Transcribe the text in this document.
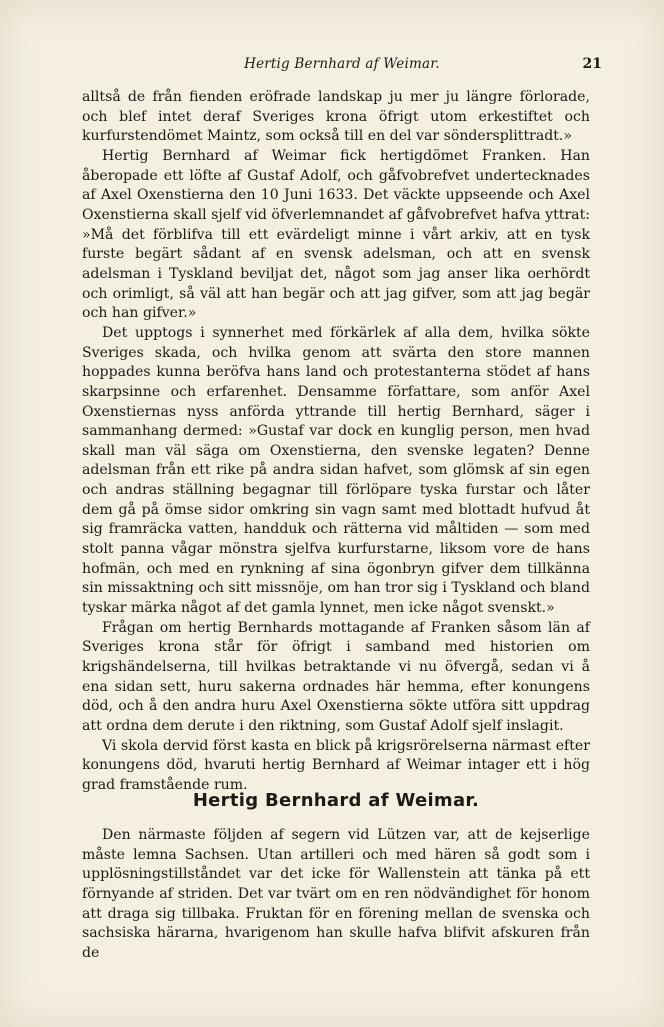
Hertig Bernhard af Weimar.	21

alltså de från fienden eröfrade landskap ju mer ju längre förlorade, och blef intet deraf Sveriges krona öfrigt utom erkestiftet och kurfurstendömet Maintz, som också till en del var söndersplittradt.»

Hertig Bernhard af Weimar fick hertigdömet Franken. Han åberopade ett löfte af Gustaf Adolf, och gåfvobrefvet undertecknades af Axel Oxenstierna den 10 Juni 1633. Det väckte uppseende och Axel Oxenstierna skall sjelf vid öfverlemnandet af gåfvobrefvet hafva yttrat: »Må det förblifva till ett evärdeligt minne i vårt arkiv, att en tysk furste begärt sådant af en svensk adelsman, och att en svensk adelsman i Tyskland beviljat det, något som jag anser lika oerhördt och orimligt, så väl att han begär och att jag gifver, som att jag begär och han gifver.»

Det upptogs i synnerhet med förkärlek af alla dem, hvilka sökte Sveriges skada, och hvilka genom att svärta den store mannen hoppades kunna beröfva hans land och protestanterna stödet af hans skarpsinne och erfarenhet. Densamme författare, som anför Axel Oxenstiernas nyss anförda yttrande till hertig Bernhard, säger i sammanhang dermed: »Gustaf var dock en kunglig person, men hvad skall man väl säga om Oxenstierna, den svenske legaten? Denne adelsman från ett rike på andra sidan hafvet, som glömsk af sin egen och andras ställning begagnar till förlöpare tyska furstar och låter dem gå på ömse sidor omkring sin vagn samt med blottadt hufvud åt sig framräcka vatten, handduk och rätterna vid måltiden — som med stolt panna vågar mönstra sjelfva kurfurstarne, liksom vore de hans hofmän, och med en rynkning af sina ögonbryn gifver dem tillkänna sin missaktning och sitt missnöje, om han tror sig i Tyskland och bland tyskar märka något af det gamla lynnet, men icke något svenskt.»

Frågan om hertig Bernhards mottagande af Franken såsom län af Sveriges krona står för öfrigt i samband med historien om krigshändelserna, till hvilkas betraktande vi nu öfvergå, sedan vi å ena sidan sett, huru sakerna ordnades här hemma, efter konungens död, och å den andra huru Axel Oxenstierna sökte utföra sitt uppdrag att ordna dem derute i den riktning, som Gustaf Adolf sjelf inslagit.

Vi skola dervid först kasta en blick på krigsrörelserna närmast efter konungens död, hvaruti hertig Bernhard af Weimar intager ett i hög grad framstående rum.

Hertig Bernhard af Weimar.

Den närmaste följden af segern vid Lützen var, att de kejserlige måste lemna Sachsen. Utan artilleri och med hären så godt som i upplösningstillståndet var det icke för Wallenstein att tänka på ett förnyande af striden. Det var tvärt om en ren nödvändighet för honom att draga sig tillbaka. Fruktan för en förening mellan de svenska och sachsiska härarna, hvarigenom han skulle hafva blifvit afskuren från de
